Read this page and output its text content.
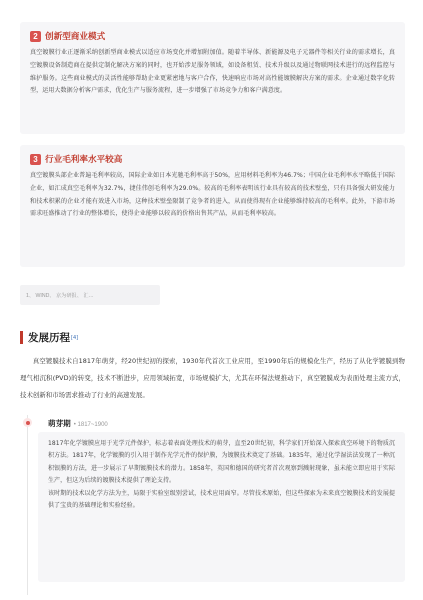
2 创新型商业模式

真空镀膜行业正逐渐采纳创新型商业模式以适应市场变化并增加附加值。随着半导体、新能源及电子元器件等相关行业的需求增长，真空镀膜设备制造商在提供定制化解决方案的同时，也开始涉足服务领域，如设备租赁、技术升级以及通过物联网技术进行的远程监控与维护服务。这些商业模式的灵活性能够帮助企业更紧密地与客户合作，快速响应市场对高性能镀膜解决方案的需求。企业通过数字化转型，运用大数据分析客户需求，优化生产与服务流程，进一步增强了市场竞争力和客户满意度。

3 行业毛利率水平较高

真空镀膜头部企业普遍毛利率较高，国际企业如日本光驰毛利率高于50%，应用材料毛利率为46.7%；中国企业毛利率水平略低于国际企业，如汇成真空毛利率为32.7%，捷佳伟创毛利率为29.0%。较高的毛利率表明该行业具有较高的技术壁垒，只有具备强大研发能力和技术积累的企业才能有效进入市场，这种技术壁垒限制了竞争者的进入，从而使得现有企业能够维持较高的毛利率。此外，下游市场需求旺盛推动了行业的整体增长，使得企业能够以较高的价格出售其产品，从而毛利率较高。

1、 WIND、 京为研报、 汇…
发展历程 [4]

真空镀膜技术自1817年萌芽，经20世纪初的探索，1930年代首次工业应用，至1990年后的规模化生产，经历了从化学镀膜到物理气相沉积(PVD)的转变，技术不断进步，应用领域拓宽，市场规模扩大，尤其在环保法规推动下，真空镀膜成为表面处理主流方式，技术创新和市场需求推动了行业的高速发展。

萌芽期 • 1817~1900

1817年化学镀膜应用于光学元件保护，标志着表面处理技术的萌芽，直至20世纪初，科学家们开始深入探索真空环境下的物质沉积方法。1817年，化学镀膜的引入用于制作光学元件的保护膜，为镀膜技术奠定了基础。1835年，通过化学湿法法发现了一种沉积银膜的方法，进一步展示了早期镀膜技术的潜力。1858年，英国和德国的研究者首次观察到溅射现象，虽未能立即应用于实际生产，但这为后续的镀膜技术提供了理论支持。

该时期的技术以化学方法为主，局限于实验室级别尝试，技术应用面窄。尽管技术原始，但这些探索为未来真空镀膜技术的发展提供了宝贵的基础理论和实验经验。
